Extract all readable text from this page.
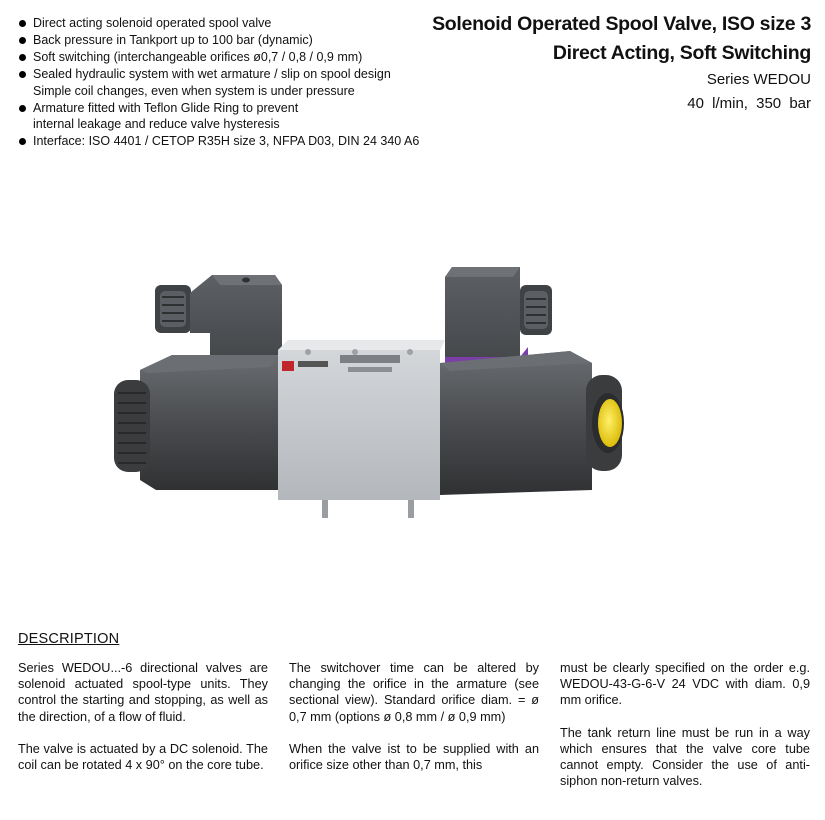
Direct acting solenoid operated spool valve
Back pressure in Tankport up to 100 bar (dynamic)
Soft switching (interchangeable orifices ø0,7 / 0,8 / 0,9 mm)
Sealed hydraulic system with wet armature / slip on spool design
Simple coil changes, even when system is under pressure
Armature fitted with Teflon Glide Ring to prevent
internal leakage and reduce valve hysteresis
Interface: ISO 4401 / CETOP R35H size 3, NFPA D03, DIN 24 340 A6
Solenoid Operated Spool Valve, ISO size 3
Direct Acting, Soft Switching
Series WEDOU
40 l/min, 350 bar
DESCRIPTION

Series WEDOU...-6 directional valves are solenoid actuated spool-type units. They control the starting and stopping, as well as the direction, of a flow of fluid.

The valve is actuated by a DC solenoid. The coil can be rotated 4 x 90° on the core tube.

The switchover time can be altered by changing the orifice in the armature (see sectional view). Standard orifice diam. = ø 0,7 mm (options ø 0,8 mm / ø 0,9 mm)

When the valve ist to be supplied with an orifice size other than 0,7 mm, this

must be clearly specified on the order e.g. WEDOU-43-G-6-V 24 VDC with diam. 0,9 mm orifice.

The tank return line must be run in a way which ensures that the valve core tube cannot empty. Consider the use of anti-siphon non-return valves.
